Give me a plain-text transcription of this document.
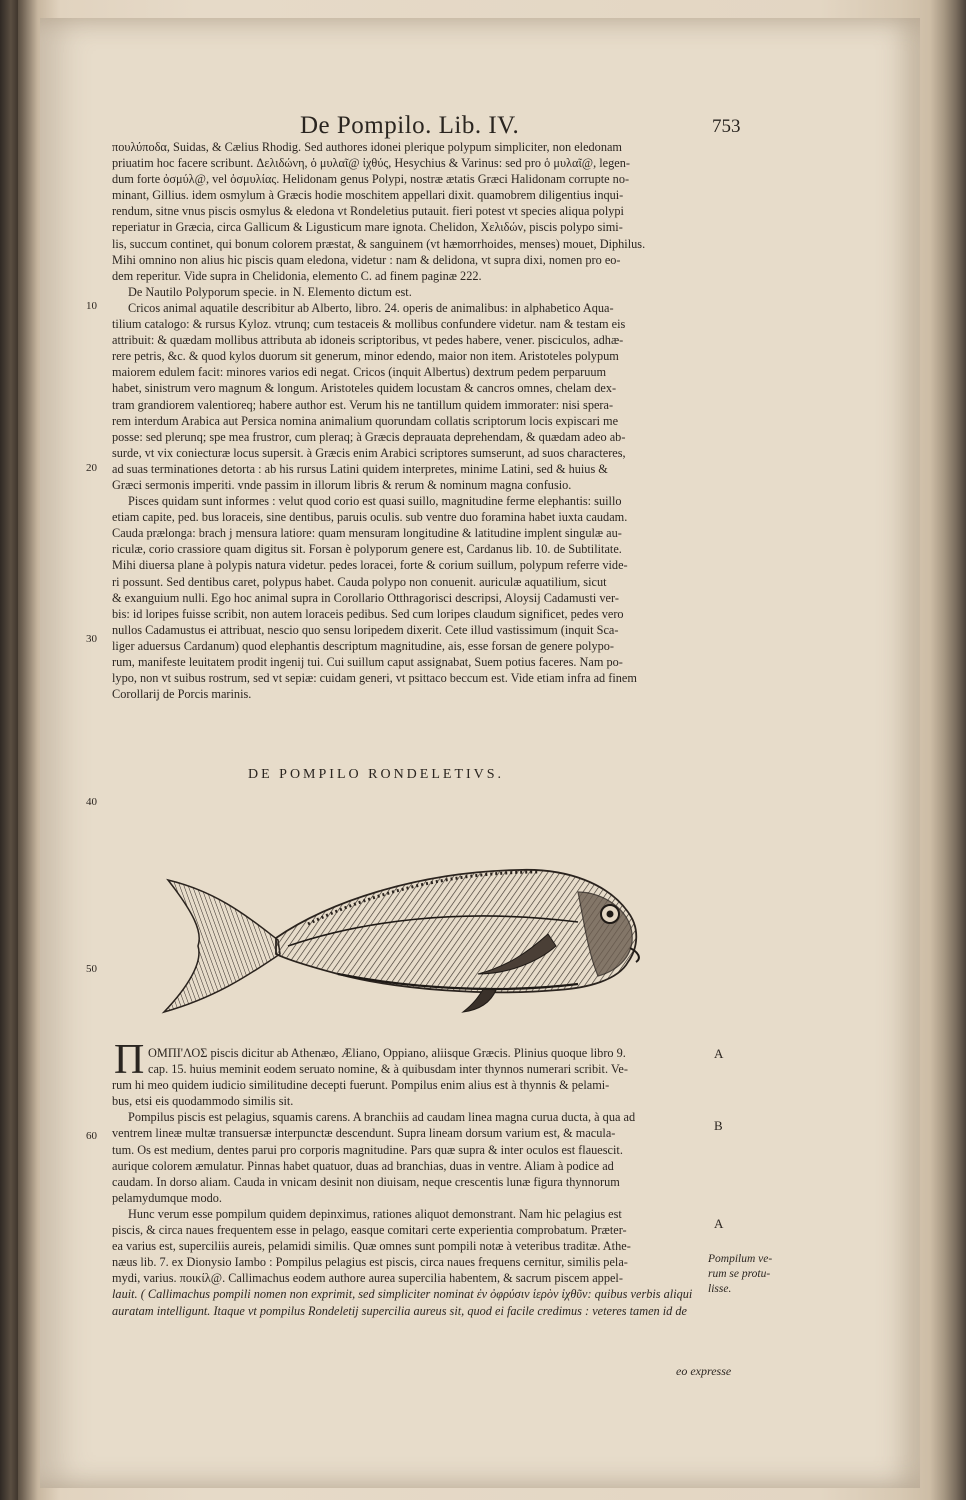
De Pompilo. Lib. IV.	753

πουλύποδα, Suidas, & Cælius Rhodig. Sed authores idonei plerique polypum simpliciter, non eledonam

priuatim hoc facere scribunt. Δελιδώνη, ὁ μυλαῖ@ ἰχθύς, Hesychius & Varinus: sed pro ὁ μυλαῖ@, legen-

dum forte ὀσμύλ@, vel ὀσμυλίας. Helidonam genus Polypi, nostræ ætatis Græci Halidonam corrupte no-

minant, Gillius. idem osmylum à Græcis hodie moschitem appellari dixit. quamobrem diligentius inqui-

rendum, sitne vnus piscis osmylus & eledona vt Rondeletius putauit. fieri potest vt species aliqua polypi

reperiatur in Græcia, circa Gallicum & Ligusticum mare ignota. Chelidon, Χελιδών, piscis polypo simi-

lis, succum continet, qui bonum colorem præstat, & sanguinem (vt hæmorrhoides, menses) mouet, Diphilus.

Mihi omnino non alius hic piscis quam eledona, videtur : nam & delidona, vt supra dixi, nomen pro eo-

dem reperitur. Vide supra in Chelidonia, elemento C. ad finem paginæ 222.

De Nautilo Polyporum specie. in N. Elemento dictum est.

Cricos animal aquatile describitur ab Alberto, libro. 24. operis de animalibus: in alphabetico Aqua-

tilium catalogo: & rursus Kyloz. vtrunq; cum testaceis & mollibus confundere videtur. nam & testam eis

attribuit: & quædam mollibus attributa ab idoneis scriptoribus, vt pedes habere, vener. pisciculos, adhæ-

rere petris, &c. & quod kylos duorum sit generum, minor edendo, maior non item. Aristoteles polypum

maiorem edulem facit: minores varios edi negat. Cricos (inquit Albertus) dextrum pedem perparuum

habet, sinistrum vero magnum & longum. Aristoteles quidem locustam & cancros omnes, chelam dex-

tram grandiorem valentioreq; habere author est. Verum his ne tantillum quidem immorater: nisi spera-

rem interdum Arabica aut Persica nomina animalium quorundam collatis scriptorum locis expiscari me

posse: sed plerunq; spe mea frustror, cum pleraq; à Græcis deprauata deprehendam, & quædam adeo ab-

surde, vt vix coniecturæ locus supersit. à Græcis enim Arabici scriptores sumserunt, ad suos characteres,

ad suas terminationes detorta : ab his rursus Latini quidem interpretes, minime Latini, sed & huius &

Græci sermonis imperiti. vnde passim in illorum libris & rerum & nominum magna confusio.

Pisces quidam sunt informes : velut quod corio est quasi suillo, magnitudine ferme elephantis: suillo

etiam capite, ped. bus loraceis, sine dentibus, paruis oculis. sub ventre duo foramina habet iuxta caudam.

Cauda prælonga: brach j mensura latiore: quam mensuram longitudine & latitudine implent singulæ au-

riculæ, corio crassiore quam digitus sit. Forsan è polyporum genere est, Cardanus lib. 10. de Subtilitate.

Mihi diuersa plane à polypis natura videtur. pedes loracei, forte & corium suillum, polypum referre vide-

ri possunt. Sed dentibus caret, polypus habet. Cauda polypo non conuenit. auriculæ aquatilium, sicut

& exanguium nulli. Ego hoc animal supra in Corollario Otthragorisci descripsi, Aloysij Cadamusti ver-

bis: id loripes fuisse scribit, non autem loraceis pedibus. Sed cum loripes claudum significet, pedes vero

nullos Cadamustus ei attribuat, nescio quo sensu loripedem dixerit. Cete illud vastissimum (inquit Sca-

liger aduersus Cardanum) quod elephantis descriptum magnitudine, ais, esse forsan de genere polypo-

rum, manifeste leuitatem prodit ingenij tui. Cui suillum caput assignabat, Suem potius faceres. Nam po-

lypo, non vt suibus rostrum, sed vt sepiæ: cuidam generi, vt psittaco beccum est. Vide etiam infra ad finem

Corollarij de Porcis marinis.

10
20
30
40
50
60
DE POMPILO RONDELETIVS.
Π ΟΜΠΙ'ΛΟΣ piscis dicitur ab Athenæo, Æliano, Oppiano, aliisque Græcis. Plinius quoque libro 9.

cap. 15. huius meminit eodem seruato nomine, & à quibusdam inter thynnos numerari scribit. Ve-

rum hi meo quidem iudicio similitudine decepti fuerunt. Pompilus enim alius est à thynnis & pelami-

bus, etsi eis quodammodo similis sit.

Pompilus piscis est pelagius, squamis carens. A branchiis ad caudam linea magna curua ducta, à qua ad

ventrem lineæ multæ transuersæ interpunctæ descendunt. Supra lineam dorsum varium est, & macula-

tum. Os est medium, dentes parui pro corporis magnitudine. Pars quæ supra & inter oculos est flauescit.

aurique colorem æmulatur. Pinnas habet quatuor, duas ad branchias, duas in ventre. Aliam à podice ad

caudam. In dorso aliam. Cauda in vnicam desinit non diuisam, neque crescentis lunæ figura thynnorum

pelamydumque modo.

Hunc verum esse pompilum quidem depinximus, rationes aliquot demonstrant. Nam hic pelagius est

piscis, & circa naues frequentem esse in pelago, easque comitari certe experientia comprobatum. Præter-

ea varius est, superciliis aureis, pelamidi similis. Quæ omnes sunt pompili notæ à veteribus traditæ. Athe-

næus lib. 7. ex Dionysio Iambo : Pompilus pelagius est piscis, circa naues frequens cernitur, similis pela-

mydi, varius. ποικίλ@. Callimachus eodem authore aurea supercilia habentem, & sacrum piscem appel-

lauit. ( Callimachus pompili nomen non exprimit, sed simpliciter nominat ἐν ὀφρύσιν ἱερὸν ἰχθῦν: quibus verbis aliqui

auratam intelligunt. Itaque vt pompilus Rondeletij supercilia aureus sit, quod ei facile credimus : veteres tamen id de

A
B
A
Pompilum ve-
rum se protu-
lisse.
eo expresse
